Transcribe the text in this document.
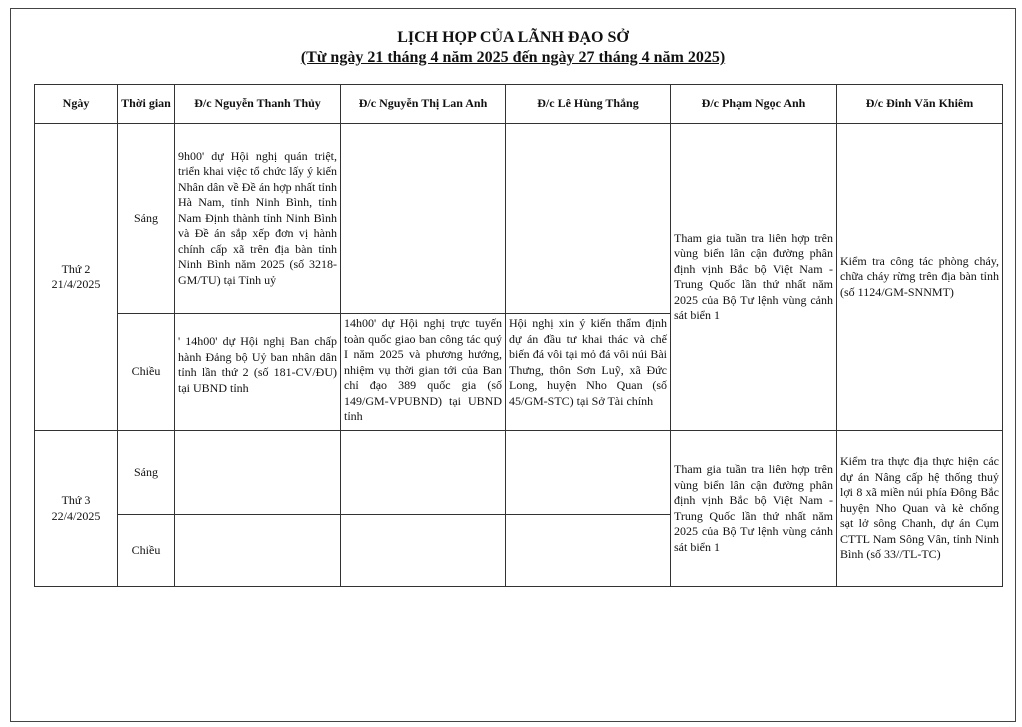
LỊCH HỌP CỦA LÃNH ĐẠO SỞ
(Từ ngày 21 tháng 4 năm 2025 đến ngày 27 tháng 4 năm 2025)
Ngày	Thời gian	Đ/c Nguyễn Thanh Thủy	Đ/c Nguyễn Thị Lan Anh	Đ/c Lê Hùng Thắng	Đ/c Phạm Ngọc Anh	Đ/c Đinh Văn Khiêm
Thứ 2
21/4/2025	Sáng	9h00' dự Hội nghị quán triệt, triển khai việc tổ chức lấy ý kiến Nhân dân về Đề án hợp nhất tỉnh Hà Nam, tỉnh Ninh Bình, tỉnh Nam Định thành tỉnh Ninh Bình và Đề án sắp xếp đơn vị hành chính cấp xã trên địa bàn tỉnh Ninh Bình năm 2025 (số 3218-GM/TU) tại Tỉnh uỷ			Tham gia tuần tra liên hợp trên vùng biển lân cận đường phân định vịnh Bắc bộ Việt Nam - Trung Quốc lần thứ nhất năm 2025 của Bộ Tư lệnh vùng cảnh sát biển 1	Kiểm tra công tác phòng cháy, chữa cháy rừng trên địa bàn tỉnh (số 1124/GM-SNNMT)
	Chiều	' 14h00' dự Hội nghị Ban chấp hành Đảng bộ Uỷ ban nhân dân tỉnh lần thứ 2 (số 181-CV/ĐU) tại UBND tỉnh	14h00' dự Hội nghị trực tuyến toàn quốc giao ban công tác quý I năm 2025 và phương hướng, nhiệm vụ thời gian tới của Ban chỉ đạo 389 quốc gia (số 149/GM-VPUBND) tại UBND tỉnh	Hội nghị xin ý kiến thẩm định dự án đầu tư khai thác và chế biến đá vôi tại mỏ đá vôi núi Bài Thưng, thôn Sơn Luỹ, xã Đức Long, huyện Nho Quan (số 45/GM-STC) tại Sở Tài chính		
Thứ 3
22/4/2025	Sáng				Tham gia tuần tra liên hợp trên vùng biển lân cận đường phân định vịnh Bắc bộ Việt Nam - Trung Quốc lần thứ nhất năm 2025 của Bộ Tư lệnh vùng cảnh sát biển 1	Kiểm tra thực địa thực hiện các dự án Nâng cấp hệ thống thuỷ lợi 8 xã miền núi phía Đông Bắc huyện Nho Quan và kè chống sạt lở sông Chanh, dự án Cụm CTTL Nam Sông Vân, tỉnh Ninh Bình (số 33//TL-TC)
	Chiều					
